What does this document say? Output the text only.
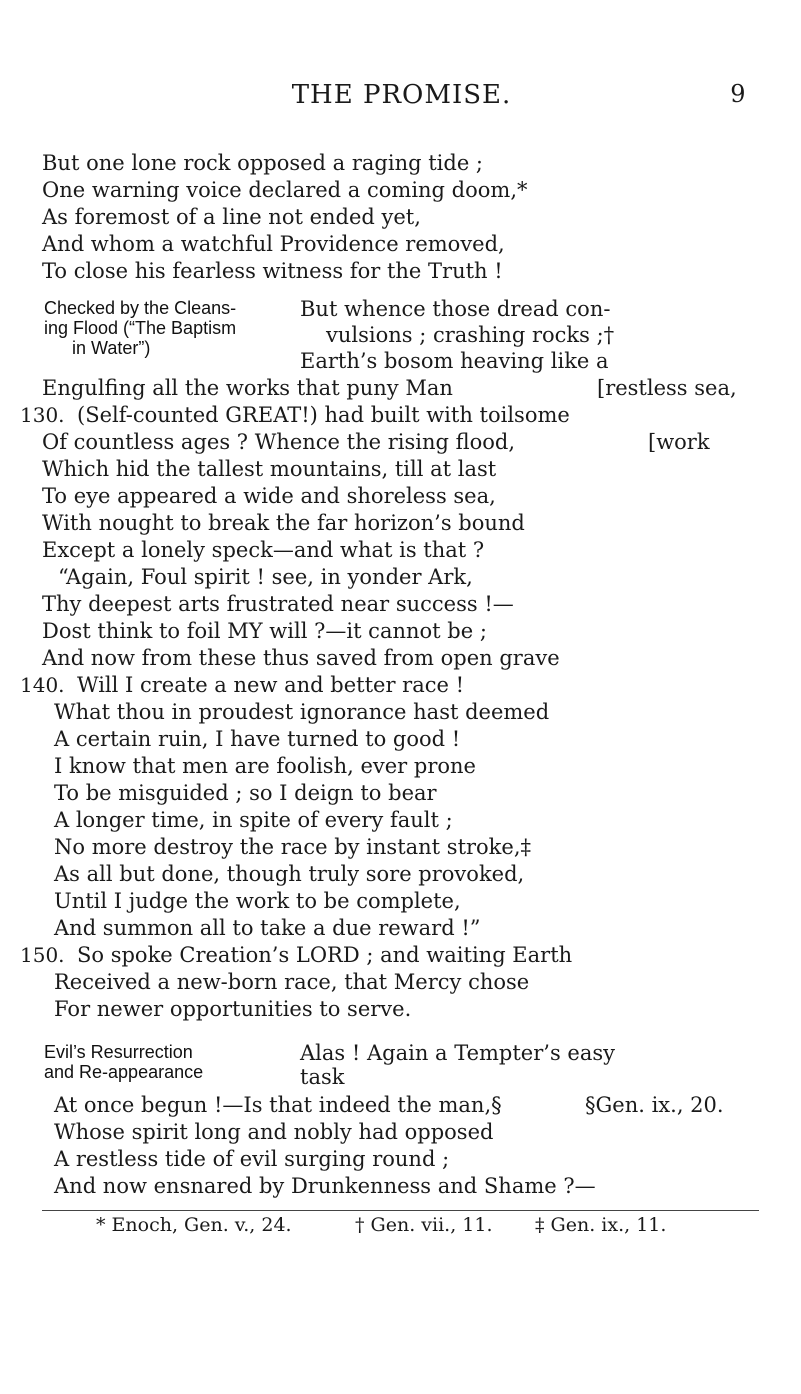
THE PROMISE.	9
But one lone rock opposed a raging tide ;
One warning voice declared a coming doom,*
As foremost of a line not ended yet,
And whom a watchful Providence removed,
To close his fearless witness for the Truth !
Checked by the Cleans-
ing Flood (“The Baptism
in Water”)
But whence those dread con-
vulsions ; crashing rocks ;†
Earth’s bosom heaving like a
Engulfing all the works that puny Man	[restless sea,
130. (Self-counted GREAT!) had built with toilsome
Of countless ages ? Whence the rising flood,	[work
Which hid the tallest mountains, till at last
To eye appeared a wide and shoreless sea,
With nought to break the far horizon’s bound
Except a lonely speck—and what is that ?
“Again, Foul spirit ! see, in yonder Ark,
Thy deepest arts frustrated near success !—
Dost think to foil MY will ?—it cannot be ;
And now from these thus saved from open grave
140. Will I create a new and better race !
What thou in proudest ignorance hast deemed
A certain ruin, I have turned to good !
I know that men are foolish, ever prone
To be misguided ; so I deign to bear
A longer time, in spite of every fault ;
No more destroy the race by instant stroke,‡
As all but done, though truly sore provoked,
Until I judge the work to be complete,
And summon all to take a due reward !”
150. So spoke Creation’s LORD ; and waiting Earth
Received a new-born race, that Mercy chose
For newer opportunities to serve.
Evil’s Resurrection
and Re-appearance
Alas ! Again a Tempter’s easy
task
At once begun !—Is that indeed the man,§	§Gen. ix., 20.
Whose spirit long and nobly had opposed
A restless tide of evil surging round ;
And now ensnared by Drunkenness and Shame ?—
* Enoch, Gen. v., 24.	† Gen. vii., 11. ‡ Gen. ix., 11.
